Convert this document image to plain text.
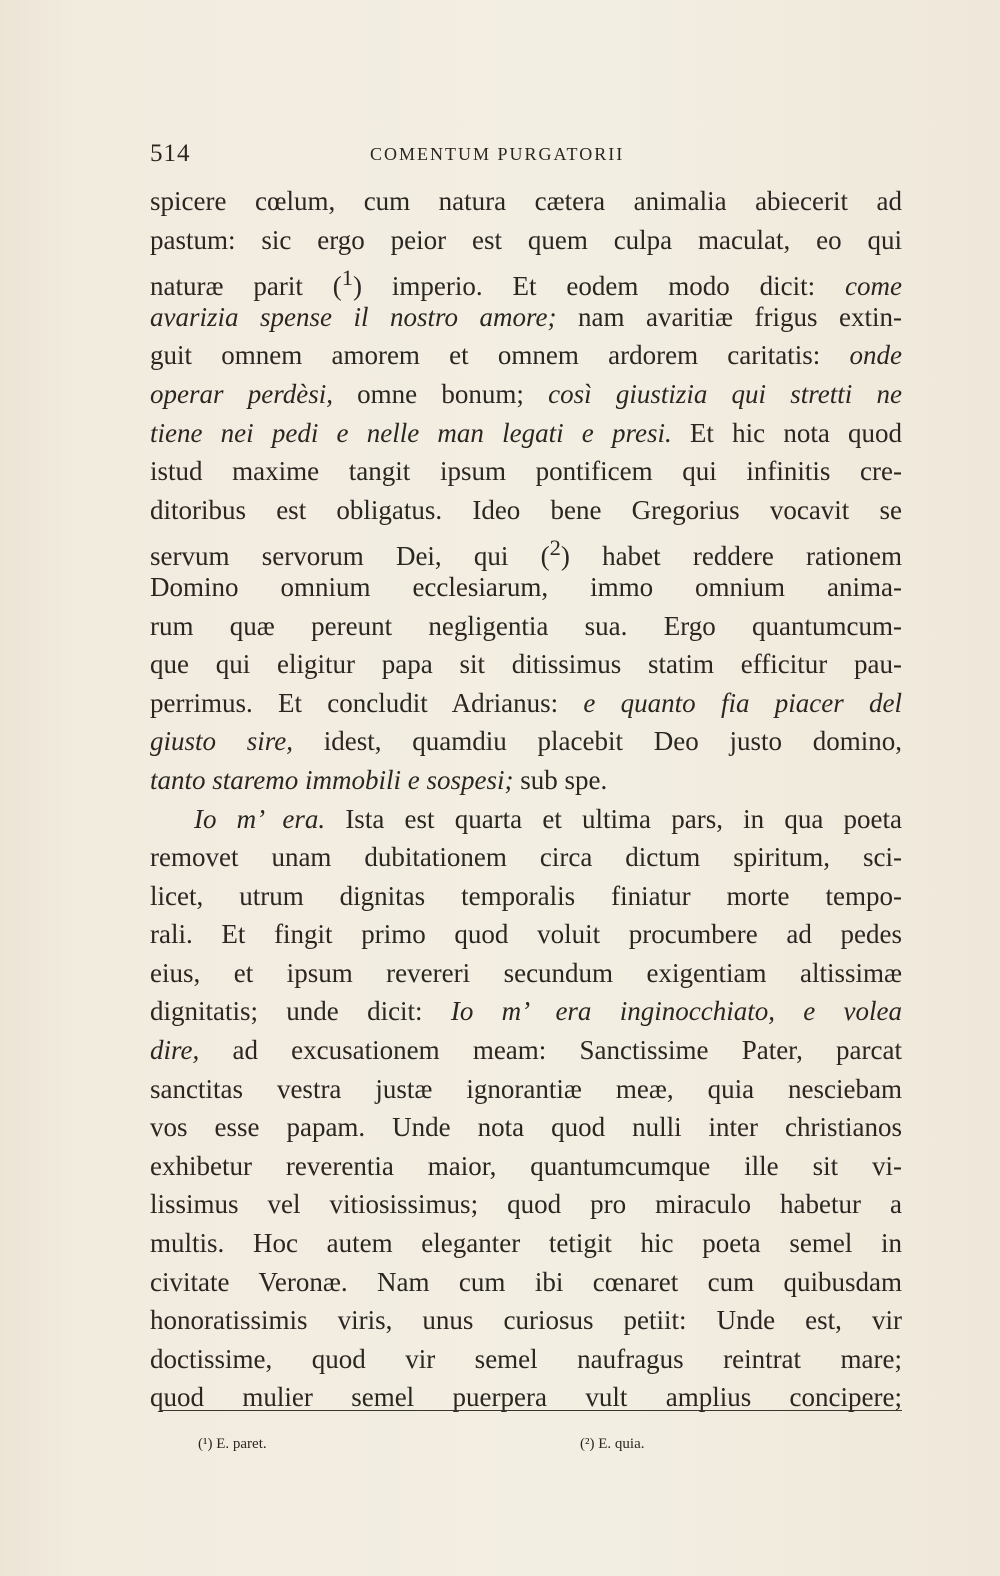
514	COMENTUM PURGATORII
spicere cœlum, cum natura cætera animalia abiecerit ad
pastum: sic ergo peior est quem culpa maculat, eo qui
naturæ parit ($^1$) imperio. Et eodem modo dicit: come
avarizia spense il nostro amore; nam avaritiæ frigus extin-
guit omnem amorem et omnem ardorem caritatis: onde
operar perdèsi, omne bonum; così giustizia qui stretti ne
tiene nei pedi e nelle man legati e presi. Et hic nota quod
istud maxime tangit ipsum pontificem qui infinitis cre-
ditoribus est obligatus. Ideo bene Gregorius vocavit se
servum servorum Dei, qui ($^2$) habet reddere rationem
Domino omnium ecclesiarum, immo omnium anima-
rum quæ pereunt negligentia sua. Ergo quantumcum-
que qui eligitur papa sit ditissimus statim efficitur pau-
perrimus. Et concludit Adrianus: e quanto fia piacer del
giusto sire, idest, quamdiu placebit Deo justo domino,
tanto staremo immobili e sospesi; sub spe.
Io m’ era. Ista est quarta et ultima pars, in qua poeta
removet unam dubitationem circa dictum spiritum, sci-
licet, utrum dignitas temporalis finiatur morte tempo-
rali. Et fingit primo quod voluit procumbere ad pedes
eius, et ipsum revereri secundum exigentiam altissimæ
dignitatis; unde dicit: Io m’ era inginocchiato, e volea
dire, ad excusationem meam: Sanctissime Pater, parcat
sanctitas vestra justæ ignorantiæ meæ, quia nesciebam
vos esse papam. Unde nota quod nulli inter christianos
exhibetur reverentia maior, quantumcumque ille sit vi-
lissimus vel vitiosissimus; quod pro miraculo habetur a
multis. Hoc autem eleganter tetigit hic poeta semel in
civitate Veronæ. Nam cum ibi cœnaret cum quibusdam
honoratissimis viris, unus curiosus petiit: Unde est, vir
doctissime, quod vir semel naufragus reintrat mare;
quod mulier semel puerpera vult amplius concipere;
(¹) E. paret.	(²) E. quia.
